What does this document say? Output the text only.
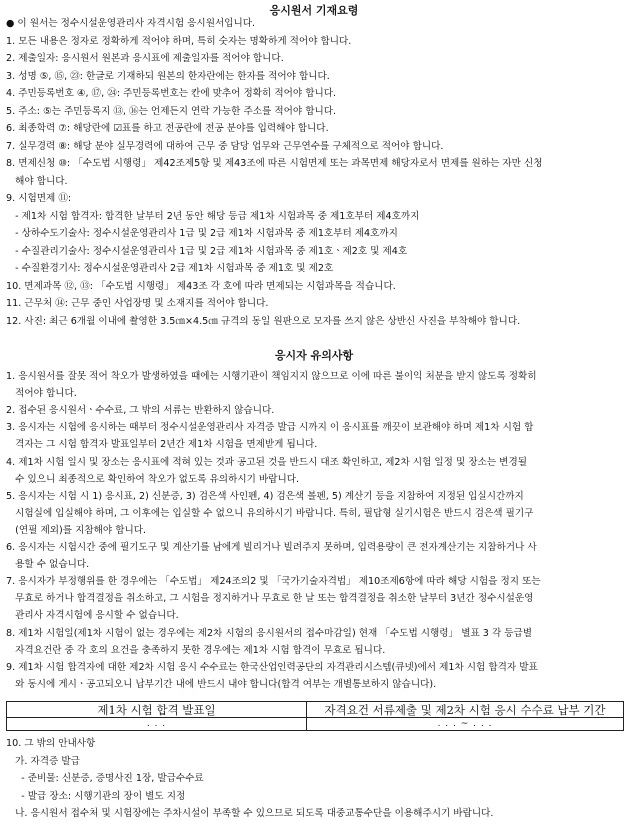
응시원서 기재요령
● 이 원서는 정수시설운영관리사 자격시험 응시원서입니다.
1. 모든 내용은 정자로 정확하게 적어야 하며, 특히 숫자는 명확하게 적어야 합니다.
2. 제출일자: 응시원서 원본과 응시표에 제출일자를 적어야 합니다.
3. 성명 ⑤, ⑮, ㉓: 한글로 기재하되 원본의 한자란에는 한자를 적어야 합니다.
4. 주민등록번호 ④, ⑰, ㉔: 주민등록번호는 칸에 맞추어 정확히 적어야 합니다.
5. 주소: ⑤는 주민등록지 ⑬, ⑯는 언제든지 연락 가능한 주소를 적어야 합니다.
6. 최종학력 ⑦: 해당란에 ☑표를 하고 전공란에 전공 분야를 입력해야 합니다.
7. 실무경력 ⑧: 해당 분야 실무경력에 대하여 근무 중 담당 업무와 근무연수를 구체적으로 적어야 합니다.
8. 면제신청 ⑩: 「수도법 시행령」 제42조제5항 및 제43조에 따른 시험면제 또는 과목면제 해당자로서 면제를 원하는 자만 신청
해야 합니다.
9. 시험면제 ⑪:
- 제1차 시험 합격자: 합격한 날부터 2년 동안 해당 등급 제1차 시험과목 중 제1호부터 제4호까지
- 상하수도기술사: 정수시설운영관리사 1급 및 2급 제1차 시험과목 중 제1호부터 제4호까지
- 수질관리기술사: 정수시설운영관리사 1급 및 2급 제1차 시험과목 중 제1호ㆍ제2호 및 제4호
- 수질환경기사: 정수시설운영관리사 2급 제1차 시험과목 중 제1호 및 제2호
10. 면제과목 ⑫, ⑬: 「수도법 시행령」 제43조 각 호에 따라 면제되는 시험과목을 적습니다.
11. 근무처 ⑭: 근무 중인 사업장명 및 소재지를 적어야 합니다.
12. 사진: 최근 6개월 이내에 촬영한 3.5㎝×4.5㎝ 규격의 동일 원판으로 모자를 쓰지 않은 상반신 사진을 부착해야 합니다.
응시자 유의사항
1. 응시원서를 잘못 적어 착오가 발생하였을 때에는 시행기관이 책임지지 않으므로 이에 따른 불이익 처분을 받지 않도록 정확히
적어야 합니다.
2. 접수된 응시원서ㆍ수수료, 그 밖의 서류는 반환하지 않습니다.
3. 응시자는 시험에 응시하는 때부터 정수시설운영관리사 자격증 발급 시까지 이 응시표를 깨끗이 보관해야 하며 제1차 시험 합
격자는 그 시험 합격자 발표일부터 2년간 제1차 시험을 면제받게 됩니다.
4. 제1차 시험 일시 및 장소는 응시표에 적혀 있는 것과 공고된 것을 반드시 대조 확인하고, 제2차 시험 일정 및 장소는 변경될
수 있으니 최종적으로 확인하여 착오가 없도록 유의하시기 바랍니다.
5. 응시자는 시험 시 1) 응시표, 2) 신분증, 3) 검은색 사인펜, 4) 검은색 볼펜, 5) 계산기 등을 지참하여 지정된 입실시간까지
시험실에 입실해야 하며, 그 이후에는 입실할 수 없으니 유의하시기 바랍니다. 특히, 필답형 실기시험은 반드시 검은색 필기구
(연필 제외)를 지참해야 합니다.
6. 응시자는 시험시간 중에 필기도구 및 계산기를 남에게 빌리거나 빌려주지 못하며, 입력용량이 큰 전자계산기는 지참하거나 사
용할 수 없습니다.
7. 응시자가 부정행위를 한 경우에는 「수도법」 제24조의2 및 「국가기술자격법」 제10조제6항에 따라 해당 시험을 정지 또는
무효로 하거나 합격결정을 취소하고, 그 시험을 정지하거나 무효로 한 날 또는 합격결정을 취소한 날부터 3년간 정수시설운영
관리사 자격시험에 응시할 수 없습니다.
8. 제1차 시험일(제1차 시험이 없는 경우에는 제2차 시험의 응시원서의 접수마감일) 현재 「수도법 시행령」 별표 3 각 등급별
자격요건란 중 각 호의 요건을 충족하지 못한 경우에는 제1차 시험 합격이 무효로 됩니다.
9. 제1차 시험 합격자에 대한 제2차 시험 응시 수수료는 한국산업인력공단의 자격관리시스템(큐넷)에서 제1차 시험 합격자 발표
와 동시에 게시ㆍ공고되오니 납부기간 내에 반드시 내야 합니다(합격 여부는 개별통보하지 않습니다).
제1차 시험 합격 발표일
. . .
자격요건 서류제출 및 제2차 시험 응시 수수료 납부 기간
. . . ~ . . .
10. 그 밖의 안내사항
가. 자격증 발급
- 준비물: 신분증, 증명사진 1장, 발급수수료
- 발급 장소: 시행기관의 장이 별도 지정
나. 응시원서 접수처 및 시험장에는 주차시설이 부족할 수 있으므로 되도록 대중교통수단을 이용해주시기 바랍니다.
